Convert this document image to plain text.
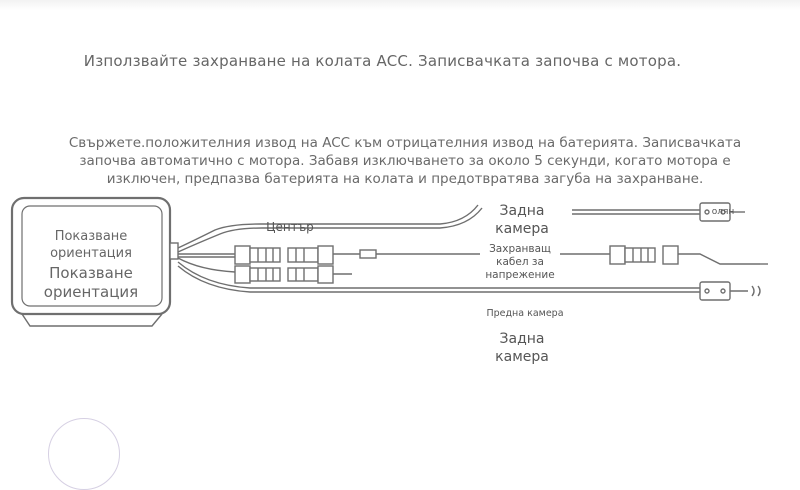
Използвайте захранване на колата ACC. Записвачката започва с мотора.
Свържете.положителния извод на ACC към отрицателния извод на батерията. Записвачката започва автоматично с мотора. Забавя изключването за около 5 секунди, когато мотора е изключен, предпазва батерията на колата и предотвратява загуба на захранване.
Показване ориентация
Показване ориентация
Център
Задна камера
олян
Захранващ кабел за напрежение
Предна камера
Задна камера
